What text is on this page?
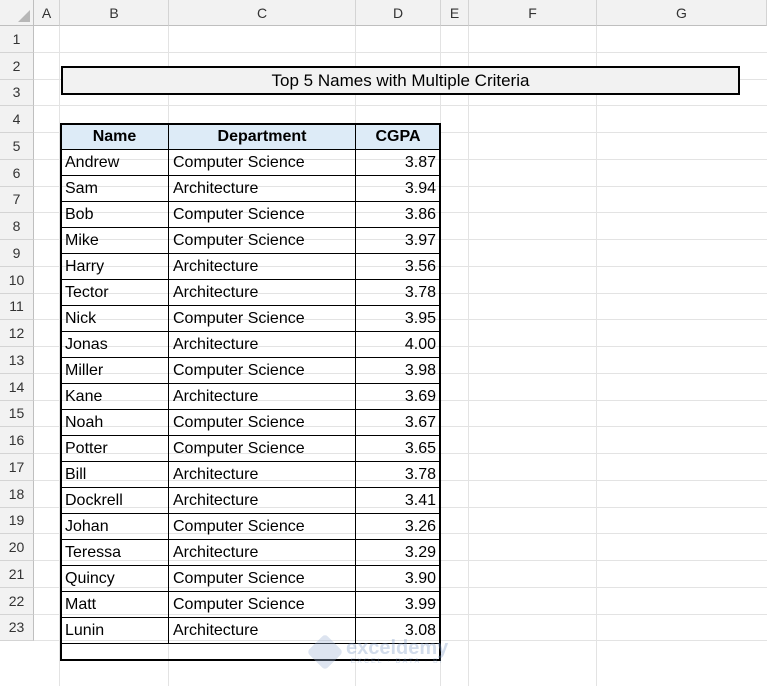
A	B	C	D	E	F	G
1
2
3
4
5
6
7
8
9
10
11
12
13
14
15
16
17
18
19
20
21
22
23
Top 5 Names with Multiple Criteria
Name	Department	CGPA
Andrew	Computer Science	3.87
Sam	Architecture	3.94
Bob	Computer Science	3.86
Mike	Computer Science	3.97
Harry	Architecture	3.56
Tector	Architecture	3.78
Nick	Computer Science	3.95
Jonas	Architecture	4.00
Miller	Computer Science	3.98
Kane	Architecture	3.69
Noah	Computer Science	3.67
Potter	Computer Science	3.65
Bill	Architecture	3.78
Dockrell	Architecture	3.41
Johan	Computer Science	3.26
Teressa	Architecture	3.29
Quincy	Computer Science	3.90
Matt	Computer Science	3.99
Lunin	Architecture	3.08
exceldemy
EXCEL · DATA · BI
